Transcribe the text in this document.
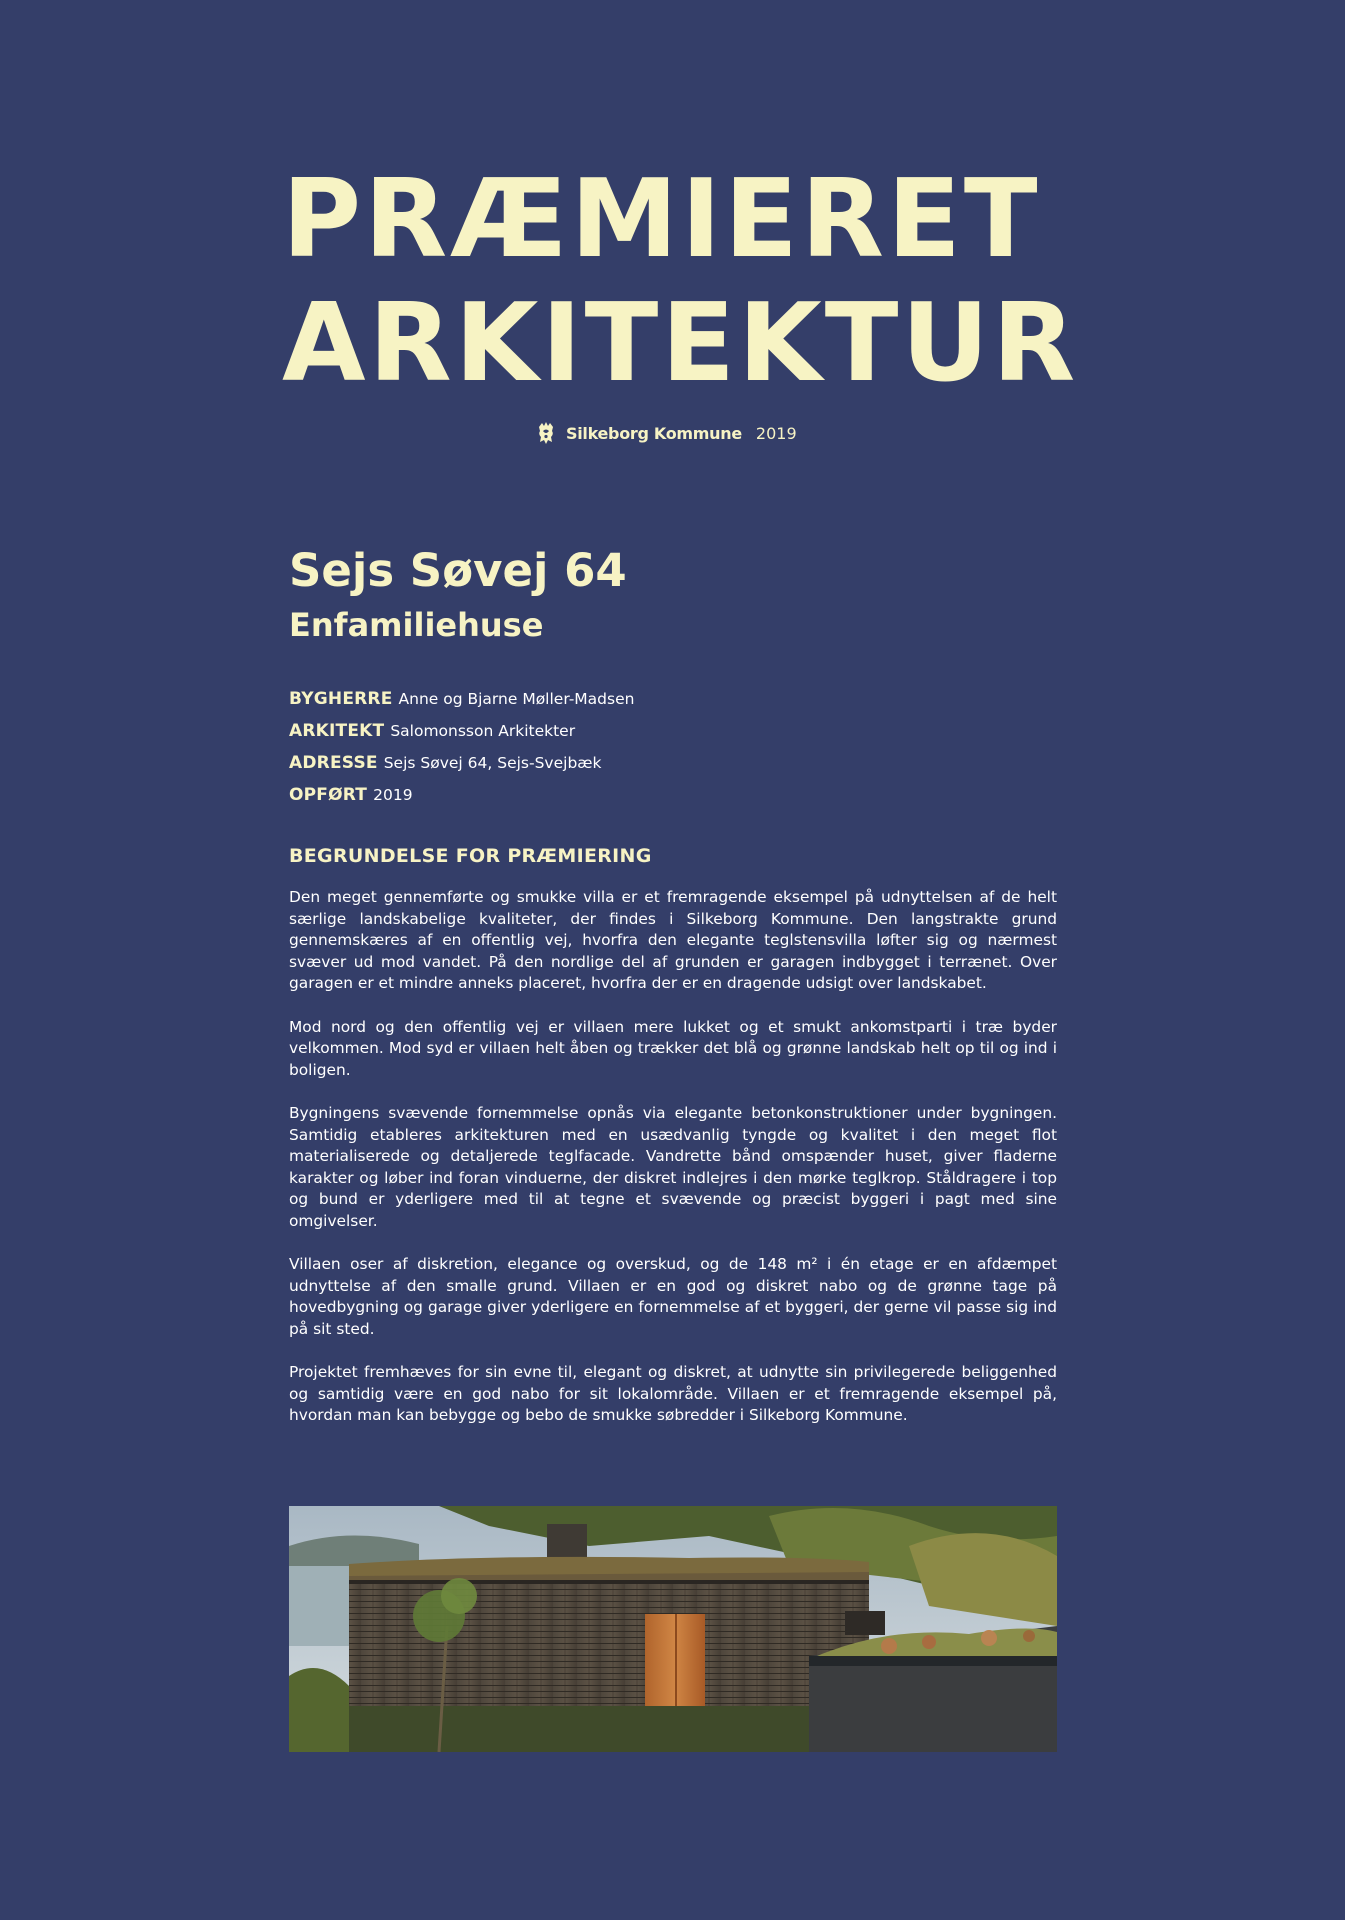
PRÆMIERET
ARKITEKTUR
Silkeborg Kommune 2019
Sejs Søvej 64
Enfamiliehuse
BYGHERRE Anne og Bjarne Møller-Madsen
ARKITEKT Salomonsson Arkitekter
ADRESSE Sejs Søvej 64, Sejs-Svejbæk
OPFØRT 2019
BEGRUNDELSE FOR PRÆMIERING

Den meget gennemførte og smukke villa er et fremragende eksempel på udnyttelsen af de helt særlige landskabelige kvaliteter, der findes i Silkeborg Kommune. Den langstrakte grund gennemskæres af en offentlig vej, hvorfra den elegante teglstensvilla løfter sig og nærmest svæver ud mod vandet. På den nordlige del af grunden er garagen indbygget i terrænet. Over garagen er et mindre anneks placeret, hvorfra der er en dragende udsigt over landskabet.

Mod nord og den offentlig vej er villaen mere lukket og et smukt ankomstparti i træ byder velkommen. Mod syd er villaen helt åben og trækker det blå og grønne landskab helt op til og ind i boligen.

Bygningens svævende fornemmelse opnås via elegante betonkonstruktioner under bygningen. Samtidig etableres arkitekturen med en usædvanlig tyngde og kvalitet i den meget flot materialiserede og detaljerede teglfacade. Vandrette bånd omspænder huset, giver fladerne karakter og løber ind foran vinduerne, der diskret indlejres i den mørke teglkrop. Ståldragere i top og bund er yderligere med til at tegne et svævende og præcist byggeri i pagt med sine omgivelser.

Villaen oser af diskretion, elegance og overskud, og de 148 m² i én etage er en afdæmpet udnyttelse af den smalle grund. Villaen er en god og diskret nabo og de grønne tage på hovedbygning og garage giver yderligere en fornemmelse af et byggeri, der gerne vil passe sig ind på sit sted.

Projektet fremhæves for sin evne til, elegant og diskret, at udnytte sin privilegerede beliggenhed og samtidig være en god nabo for sit lokalområde. Villaen er et fremragende eksempel på, hvordan man kan bebygge og bebo de smukke søbredder i Silkeborg Kommune.
